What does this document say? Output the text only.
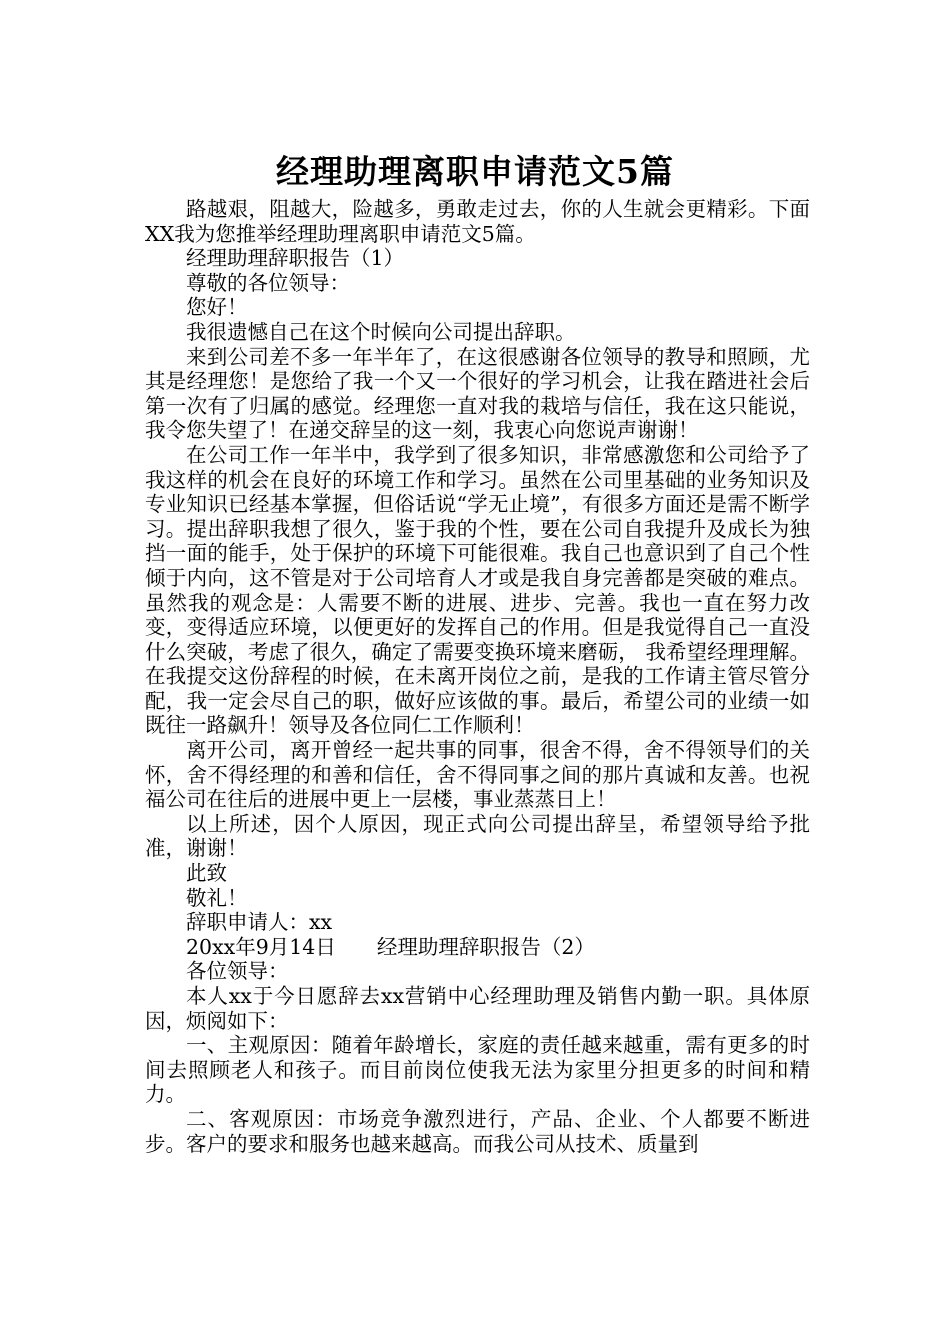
经理助理离职申请范文5篇

路越艰，阻越大，险越多，勇敢走过去，你的人生就会更精彩。下面XX我为您推举经理助理离职申请范文5篇。

经理助理辞职报告（1）

尊敬的各位领导：

您好！

我很遗憾自己在这个时候向公司提出辞职。

来到公司差不多一年半年了，在这很感谢各位领导的教导和照顾，尤其是经理您！是您给了我一个又一个很好的学习机会，让我在踏进社会后第一次有了归属的感觉。经理您一直对我的栽培与信任，我在这只能说，我令您失望了！在递交辞呈的这一刻，我衷心向您说声谢谢！

在公司工作一年半中，我学到了很多知识，非常感激您和公司给予了我这样的机会在良好的环境工作和学习。虽然在公司里基础的业务知识及专业知识已经基本掌握，但俗话说“学无止境”，有很多方面还是需不断学习。提出辞职我想了很久，鉴于我的个性，要在公司自我提升及成长为独挡一面的能手，处于保护的环境下可能很难。我自己也意识到了自己个性倾于内向，这不管是对于公司培育人才或是我自身完善都是突破的难点。虽然我的观念是：人需要不断的进展、进步、完善。我也一直在努力改变，变得适应环境，以便更好的发挥自己的作用。但是我觉得自己一直没什么突破，考虑了很久，确定了需要变换环境来磨砺， 我希望经理理解。在我提交这份辞程的时候，在未离开岗位之前，是我的工作请主管尽管分配，我一定会尽自己的职，做好应该做的事。最后，希望公司的业绩一如既往一路飙升！领导及各位同仁工作顺利！

离开公司，离开曾经一起共事的同事，很舍不得，舍不得领导们的关怀，舍不得经理的和善和信任，舍不得同事之间的那片真诚和友善。也祝福公司在往后的进展中更上一层楼，事业蒸蒸日上！

以上所述，因个人原因，现正式向公司提出辞呈，希望领导给予批准，谢谢！

此致

敬礼！

辞职申请人：xx

20xx年9月14日　　经理助理辞职报告（2）

各位领导：

本人xx于今日愿辞去xx营销中心经理助理及销售内勤一职。具体原因，烦阅如下：

一、主观原因：随着年龄增长，家庭的责任越来越重，需有更多的时间去照顾老人和孩子。而目前岗位使我无法为家里分担更多的时间和精力。

二、客观原因：市场竞争激烈进行，产品、企业、个人都要不断进步。客户的要求和服务也越来越高。而我公司从技术、质量到
